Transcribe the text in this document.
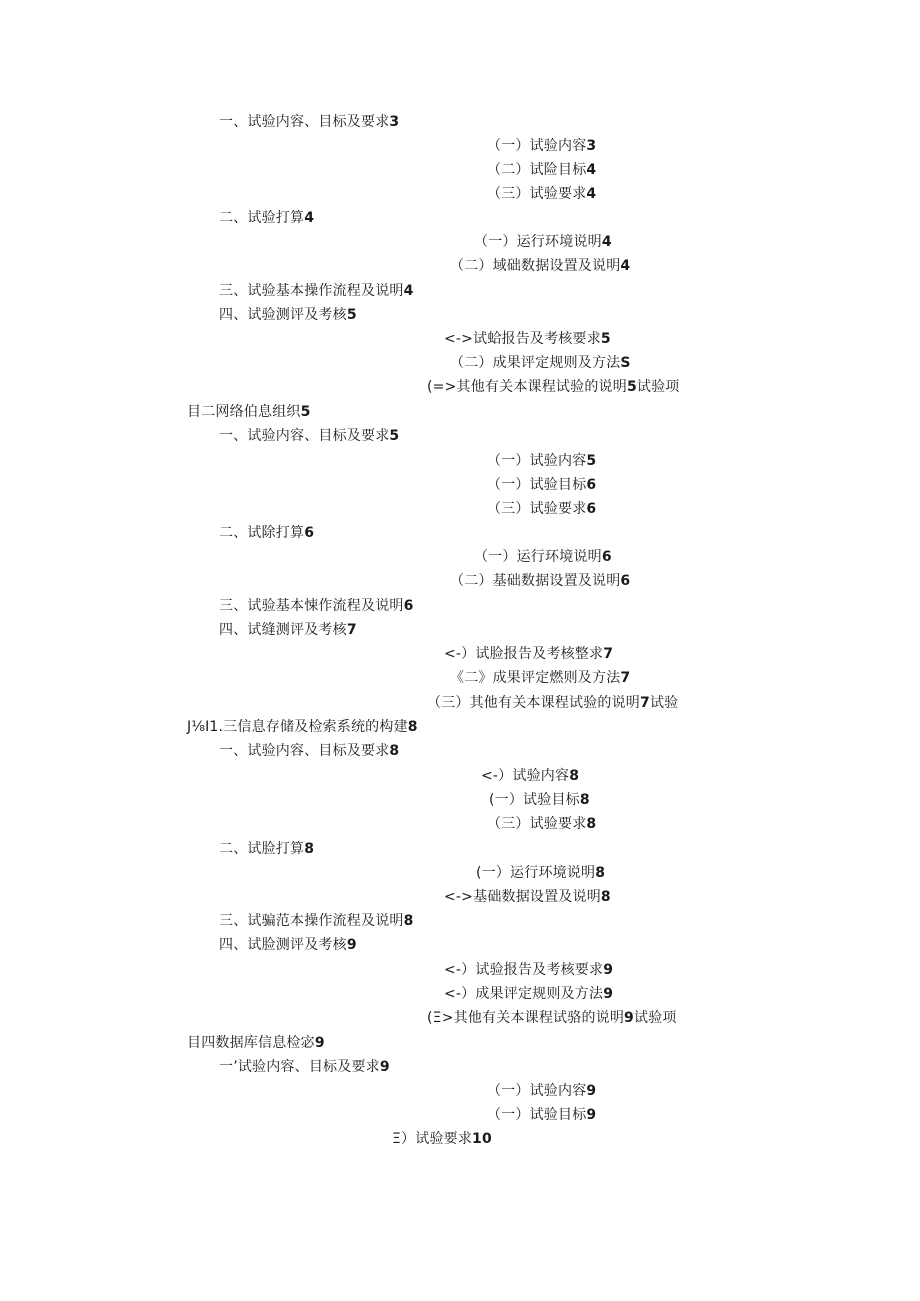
一、试验内容、目标及要求3
（一）试验内容3
（二）试险目标4
（三）试验要求4
二、试验打算4
（一）运行环境说明4
（二）域础数据设置及说明4
三、试验基本操作流程及说明4
四、试验测评及考核5
<->试蛤报告及考核要求5
（二）成果评定规则及方法S
(=>其他有关本课程试验的说明5试验项
目二网络伯息组织5
一、试验内容、目标及要求5
（一）试验内容5
（一）试验目标6
（三）试验要求6
二、试除打算6
（一）运行环境说明6
（二）基础数据设置及说明6
三、试验基本悚作流程及说明6
四、试缝测评及考核7
<-）试脸报告及考核整求7
《二》成果评定燃则及方法7
（三）其他有关本课程试验的说明7试验
J⅛I1.三信息存储及检索系统的构建8
一、试验内容、目标及要求8
<-）试验内容8
(一）试验目标8
（三）试验要求8
二、试脸打算8
(一）运行环境说明8
<->基础数据设置及说明8
三、试骗范本操作流程及说明8
四、试脸测评及考核9
<-）试验报告及考核要求9
<-）成果评定规则及方法9
(Ξ>其他有关本课程试骆的说明9试验项
目四数据库信息检宓9
一’试验内容、目标及要求9
（一）试验内容9
（一）试验目标9
Ξ）试验要求10
